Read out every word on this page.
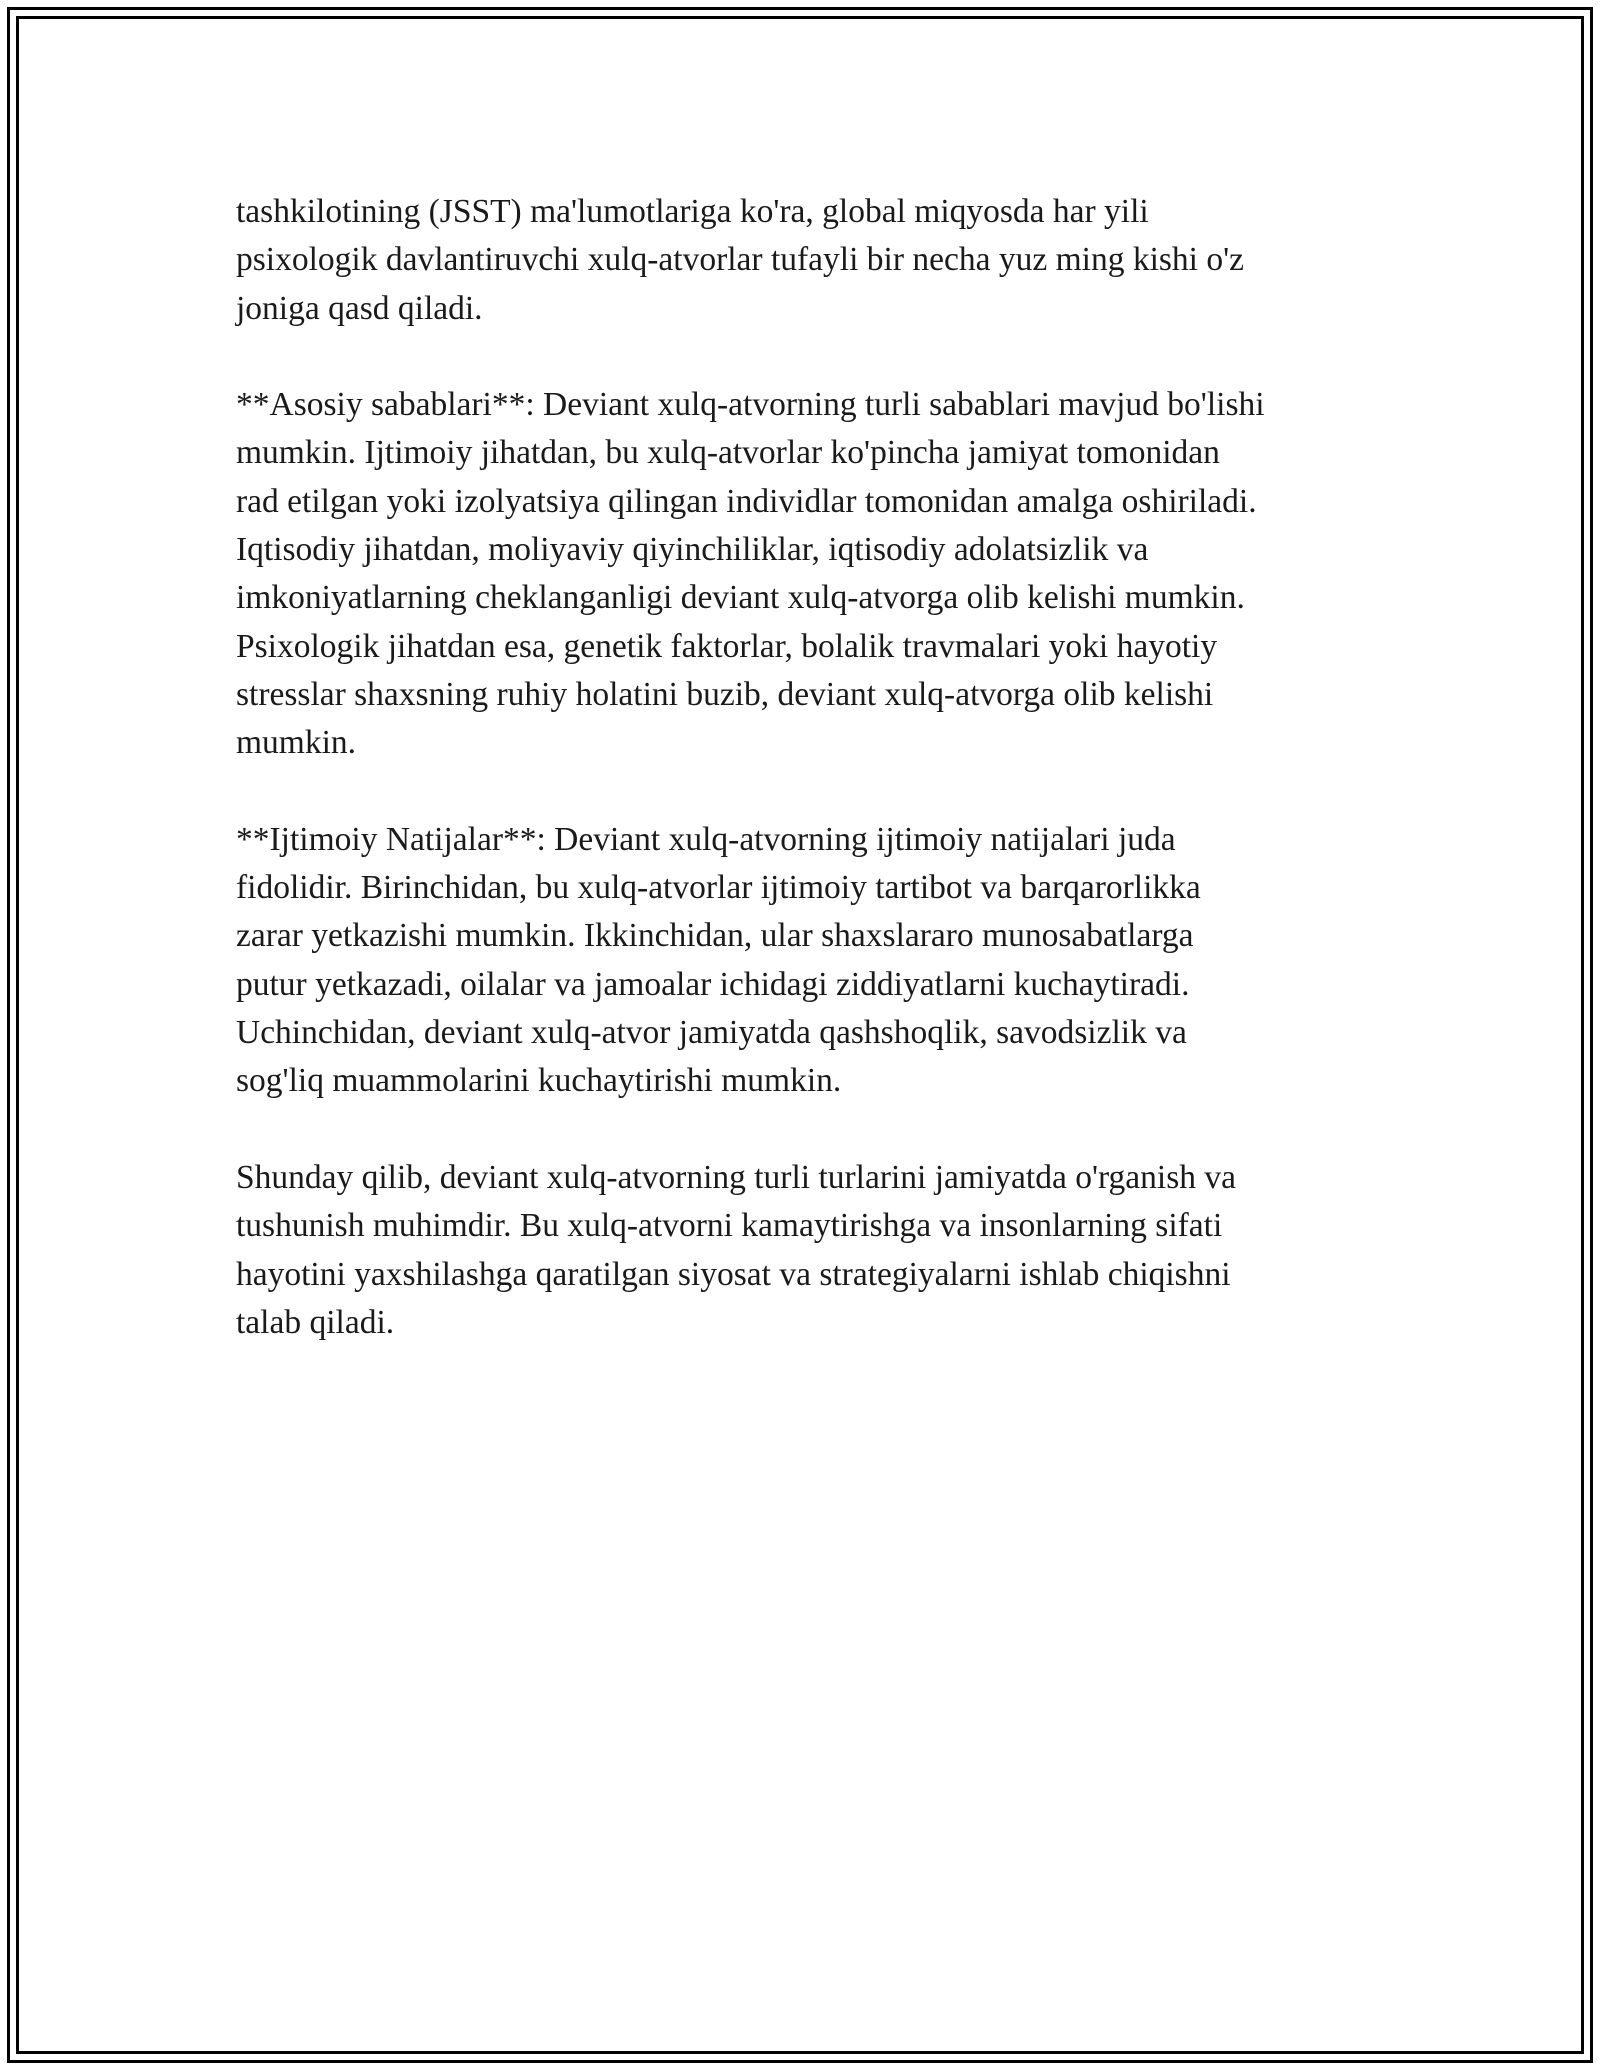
tashkilotining (JSST) ma'lumotlariga ko'ra, global miqyosda har yili
psixologik davlantiruvchi xulq-atvorlar tufayli bir necha yuz ming kishi o'z
joniga qasd qiladi.

**Asosiy sabablari**: Deviant xulq-atvorning turli sabablari mavjud bo'lishi
mumkin. Ijtimoiy jihatdan, bu xulq-atvorlar ko'pincha jamiyat tomonidan
rad etilgan yoki izolyatsiya qilingan individlar tomonidan amalga oshiriladi.
Iqtisodiy jihatdan, moliyaviy qiyinchiliklar, iqtisodiy adolatsizlik va
imkoniyatlarning cheklanganligi deviant xulq-atvorga olib kelishi mumkin.
Psixologik jihatdan esa, genetik faktorlar, bolalik travmalari yoki hayotiy
stresslar shaxsning ruhiy holatini buzib, deviant xulq-atvorga olib kelishi
mumkin.

**Ijtimoiy Natijalar**: Deviant xulq-atvorning ijtimoiy natijalari juda
fidolidir. Birinchidan, bu xulq-atvorlar ijtimoiy tartibot va barqarorlikka
zarar yetkazishi mumkin. Ikkinchidan, ular shaxslararo munosabatlarga
putur yetkazadi, oilalar va jamoalar ichidagi ziddiyatlarni kuchaytiradi.
Uchinchidan, deviant xulq-atvor jamiyatda qashshoqlik, savodsizlik va
sog'liq muammolarini kuchaytirishi mumkin.

Shunday qilib, deviant xulq-atvorning turli turlarini jamiyatda o'rganish va
tushunish muhimdir. Bu xulq-atvorni kamaytirishga va insonlarning sifati
hayotini yaxshilashga qaratilgan siyosat va strategiyalarni ishlab chiqishni
talab qiladi.
